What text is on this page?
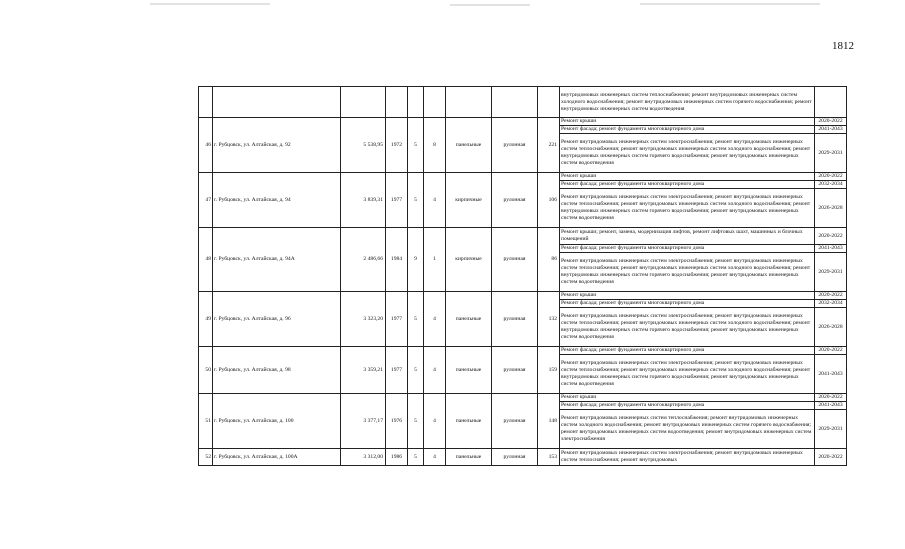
1812
									внутридомовых инженерных систем теплоснабжения; ремонт внутридомовых инженерных систем холодного водоснабжения; ремонт внутридомовых инженерных систем горячего водоснабжения; ремонт внутридомовых инженерных систем водоотведения	
46	г. Рубцовск, ул. Алтайская, д. 92	5 538,95	1972	5	8	панельные	рулонная	221	Ремонт крыши	2020-2022
									Ремонт фасада; ремонт фундамента многоквартирного дома	2041-2043
									Ремонт внутридомовых инженерных систем электроснабжения; ремонт внутридомовых инженерных систем теплоснабжения; ремонт внутридомовых инженерных систем холодного водоснабжения; ремонт внутридомовых инженерных систем горячего водоснабжения; ремонт внутридомовых инженерных систем водоотведения	2029-2031
47	г. Рубцовск, ул. Алтайская, д. 94	3 839,31	1977	5	4	кирпичные	рулонная	106	Ремонт крыши	2020-2022
									Ремонт фасада; ремонт фундамента многоквартирного дома	2032-2034
									Ремонт внутридомовых инженерных систем электроснабжения; ремонт внутридомовых инженерных систем теплоснабжения; ремонт внутридомовых инженерных систем холодного водоснабжения; ремонт внутридомовых инженерных систем горячего водоснабжения; ремонт внутридомовых инженерных систем водоотведения	2026-2028
48	г. Рубцовск, ул. Алтайская, д. 94А	2 486,66	1984	9	1	кирпичные	рулонная	86	Ремонт крыши; ремонт, замена, модернизация лифтов, ремонт лифтовых шахт, машинных и блочных помещений	2020-2022
									Ремонт фасада; ремонт фундамента многоквартирного дома	2041-2043
									Ремонт внутридомовых инженерных систем электроснабжения; ремонт внутридомовых инженерных систем теплоснабжения; ремонт внутридомовых инженерных систем холодного водоснабжения; ремонт внутридомовых инженерных систем горячего водоснабжения; ремонт внутридомовых инженерных систем водоотведения	2029-2031
49	г. Рубцовск, ул. Алтайская, д. 96	3 323,20	1977	5	4	панельные	рулонная	132	Ремонт крыши	2020-2022
									Ремонт фасада; ремонт фундамента многоквартирного дома	2032-2034
									Ремонт внутридомовых инженерных систем электроснабжения; ремонт внутридомовых инженерных систем теплоснабжения; ремонт внутридомовых инженерных систем холодного водоснабжения; ремонт внутридомовых инженерных систем горячего водоснабжения; ремонт внутридомовых инженерных систем водоотведения	2026-2028
50	г. Рубцовск, ул. Алтайская, д. 98	3 359,21	1977	5	4	панельные	рулонная	159	Ремонт фасада; ремонт фундамента многоквартирного дома	2020-2022
									Ремонт внутридомовых инженерных систем электроснабжения; ремонт внутридомовых инженерных систем теплоснабжения; ремонт внутридомовых инженерных систем холодного водоснабжения; ремонт внутридомовых инженерных систем горячего водоснабжения; ремонт внутридомовых инженерных систем водоотведения	2041-2043
51	г. Рубцовск, ул. Алтайская, д. 100	3 377,17	1976	5	4	панельные	рулонная	148	Ремонт крыши	2020-2022
									Ремонт фасада; ремонт фундамента многоквартирного дома	2041-2043
									Ремонт внутридомовых инженерных систем теплоснабжения; ремонт внутридомовых инженерных систем холодного водоснабжения; ремонт внутридомовых инженерных систем горячего водоснабжения; ремонт внутридомовых инженерных систем водоотведения; ремонт внутридомовых инженерных систем электроснабжения	2029-2031
52	г. Рубцовск, ул. Алтайская, д. 100А	3 312,00	1986	5	4	панельные	рулонная	153	Ремонт внутридомовых инженерных систем электроснабжения; ремонт внутридомовых инженерных систем теплоснабжения; ремонт внутридомовых	2020-2022
